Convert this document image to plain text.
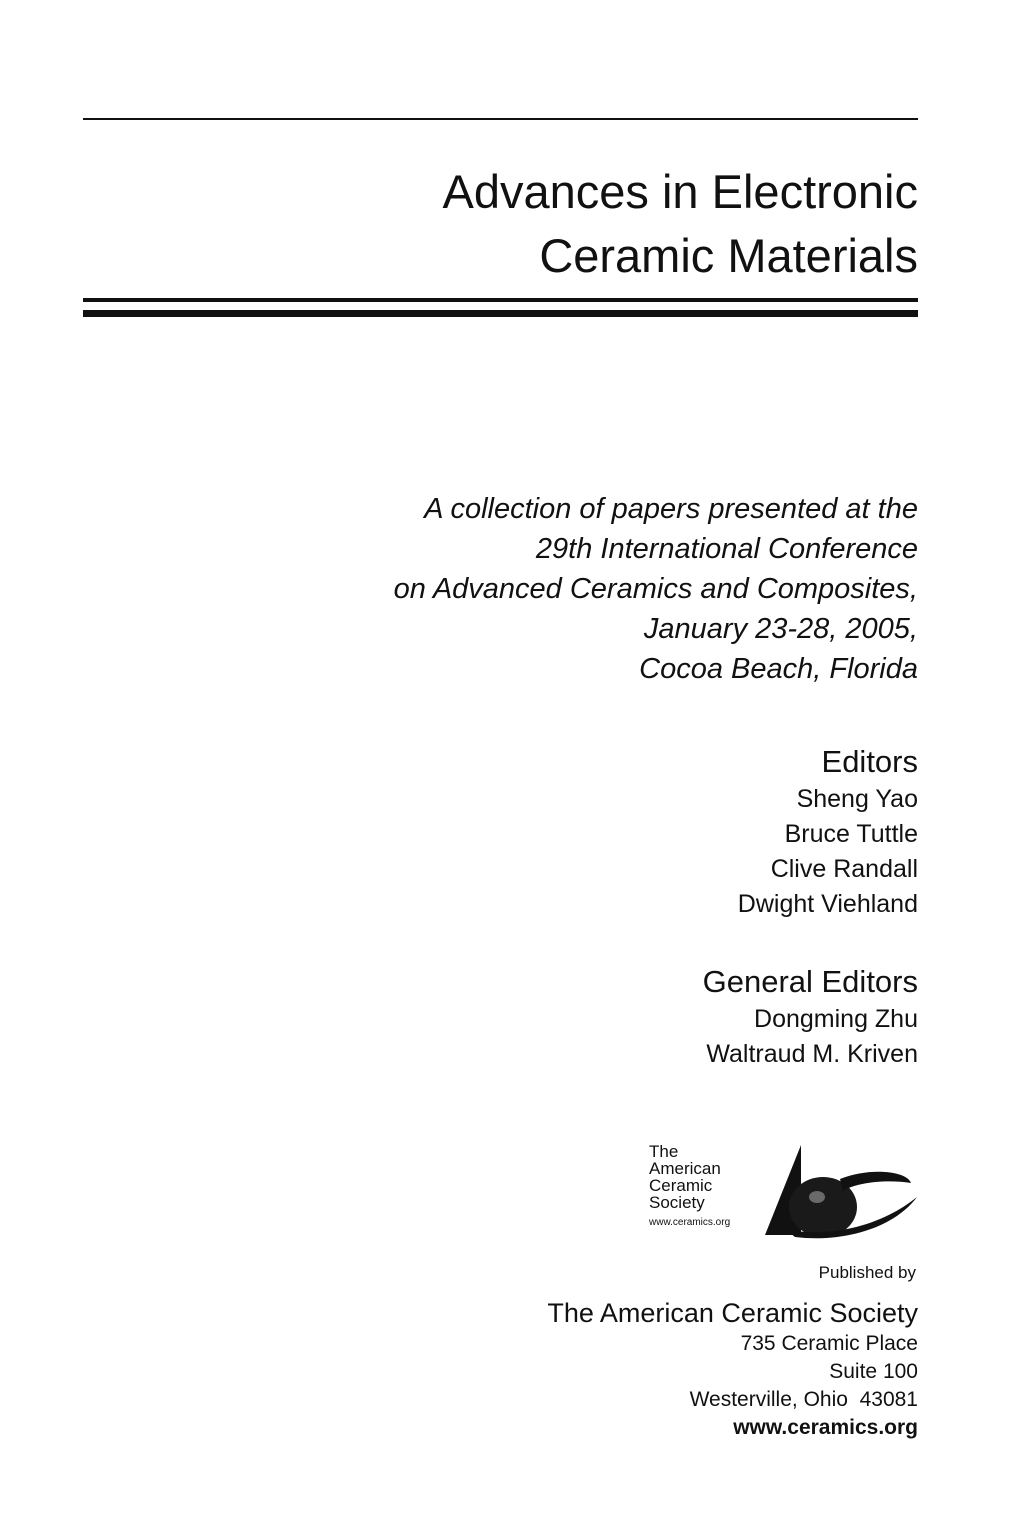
Advances in Electronic
Ceramic Materials
A collection of papers presented at the
29th International Conference
on Advanced Ceramics and Composites,
January 23-28, 2005,
Cocoa Beach, Florida
Editors
Sheng Yao
Bruce Tuttle
Clive Randall
Dwight Viehland
General Editors
Dongming Zhu
Waltraud M. Kriven
The
American
Ceramic
Society
www.ceramics.org
Published by
The American Ceramic Society
735 Ceramic Place
Suite 100
Westerville, Ohio  43081
www.ceramics.org
